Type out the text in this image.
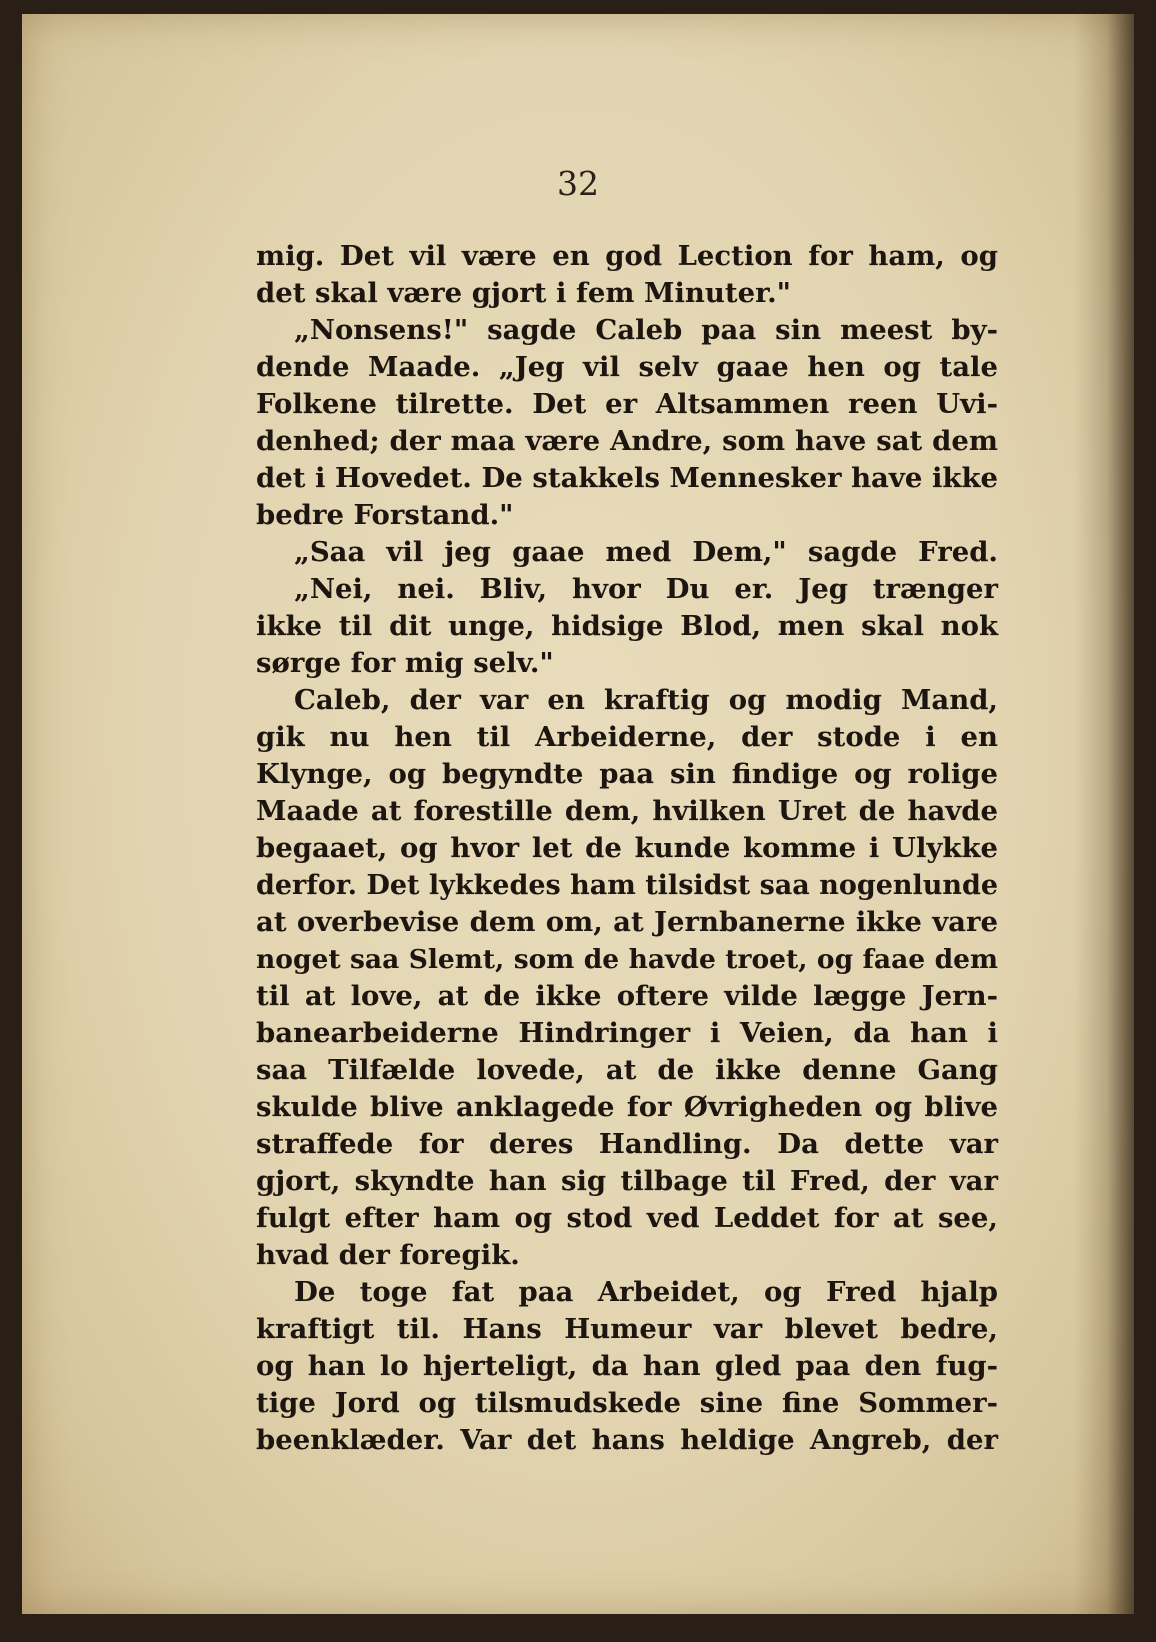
32
mig. Det vil være en god Lection for ham, og
det skal være gjort i fem Minuter."
„Nonsens!" sagde Caleb paa sin meest by-
dende Maade. „Jeg vil selv gaae hen og tale
Folkene tilrette. Det er Altsammen reen Uvi-
denhed; der maa være Andre, som have sat dem
det i Hovedet. De stakkels Mennesker have ikke
bedre Forstand."
„Saa vil jeg gaae med Dem," sagde Fred.
„Nei, nei. Bliv, hvor Du er. Jeg trænger
ikke til dit unge, hidsige Blod, men skal nok
sørge for mig selv."
Caleb, der var en kraftig og modig Mand,
gik nu hen til Arbeiderne, der stode i en
Klynge, og begyndte paa sin findige og rolige
Maade at forestille dem, hvilken Uret de havde
begaaet, og hvor let de kunde komme i Ulykke
derfor. Det lykkedes ham tilsidst saa nogenlunde
at overbevise dem om, at Jernbanerne ikke vare
noget saa Slemt, som de havde troet, og faae dem
til at love, at de ikke oftere vilde lægge Jern-
banearbeiderne Hindringer i Veien, da han i
saa Tilfælde lovede, at de ikke denne Gang
skulde blive anklagede for Øvrigheden og blive
straffede for deres Handling. Da dette var
gjort, skyndte han sig tilbage til Fred, der var
fulgt efter ham og stod ved Leddet for at see,
hvad der foregik.
De toge fat paa Arbeidet, og Fred hjalp
kraftigt til. Hans Humeur var blevet bedre,
og han lo hjerteligt, da han gled paa den fug-
tige Jord og tilsmudskede sine fine Sommer-
beenklæder. Var det hans heldige Angreb, der
